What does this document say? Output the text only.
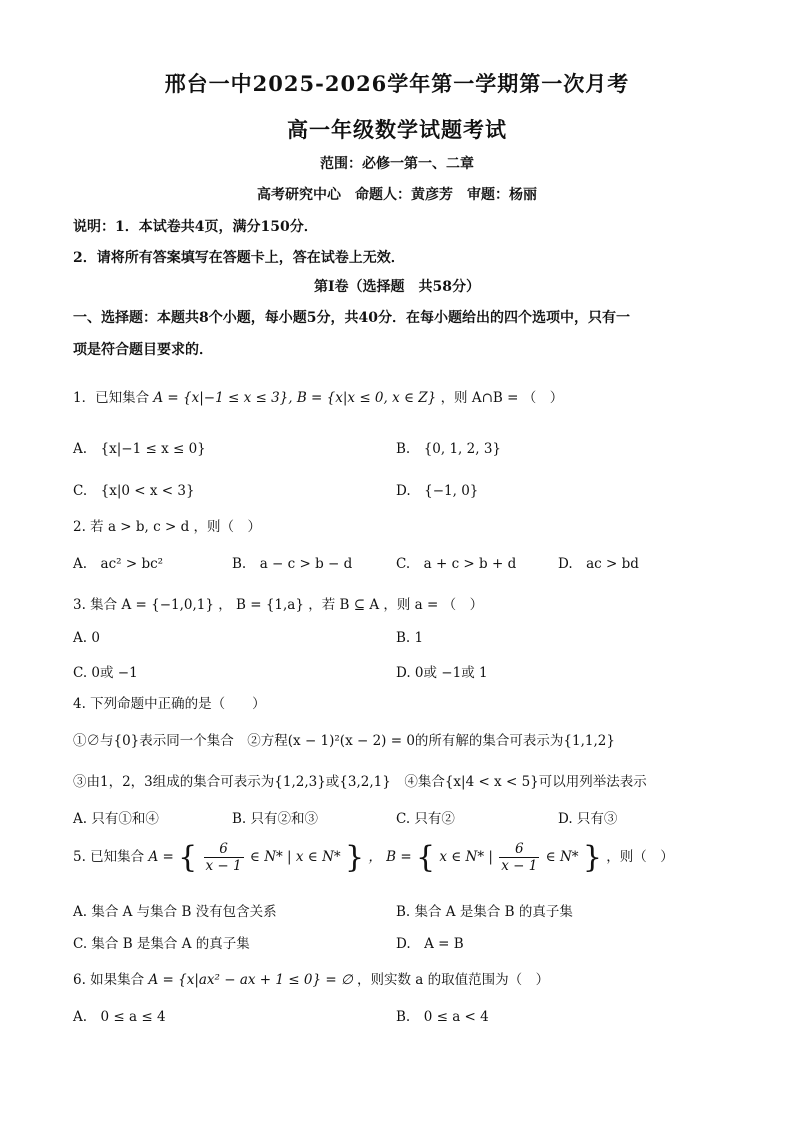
邢台一中2025-2026学年第一学期第一次月考
高一年级数学试题考试
范围：必修一第一、二章
高考研究中心　命题人：黄彦芳　审题：杨丽
说明：1．本试卷共4页，满分150分．
2．请将所有答案填写在答题卡上，答在试卷上无效．
第Ⅰ卷（选择题　共58分）
一、选择题：本题共8个小题，每小题5分，共40分．在每小题给出的四个选项中，只有一
项是符合题目要求的．
1．已知集合 A = {x|−1 ≤ x ≤ 3}, B = {x|x ≤ 0, x ∈ Z} ，则 A∩B = （　）
A.　{x|−1 ≤ x ≤ 0}	B.　{0, 1, 2, 3}
C.　{x|0 < x < 3}	D.　{−1, 0}
2. 若 a > b, c > d ，则（　）
A.　ac² > bc²	B.　a − c > b − d	C.　a + c > b + d	D.　ac > bd
3. 集合 A = {−1,0,1} ， B = {1,a} ，若 B ⊆ A ，则 a = （　）
A. 0	B. 1
C. 0或 −1	D. 0或 −1或 1
4. 下列命题中正确的是（　　）
①∅与{0}表示同一个集合　②方程(x − 1)²(x − 2) = 0的所有解的集合可表示为{1,1,2}
③由1，2，3组成的集合可表示为{1,2,3}或{3,2,1}　④集合{x|4 < x < 5}可以用列举法表示
A. 只有①和④	B. 只有②和③	C. 只有②	D. 只有③
5. 已知集合 A = { $\frac{6}{x - 1}$ ∈ N* | x ∈ N* } ， B = { x ∈ N* | $\frac{6}{x - 1}$ ∈ N* } ，则（　）
A. 集合 A 与集合 B 没有包含关系	B. 集合 A 是集合 B 的真子集
C. 集合 B 是集合 A 的真子集	D.　A = B
6. 如果集合 A = {x|ax² − ax + 1 ≤ 0} = ∅ ，则实数 a 的取值范围为（　）
A.　0 ≤ a ≤ 4	B.　0 ≤ a < 4
